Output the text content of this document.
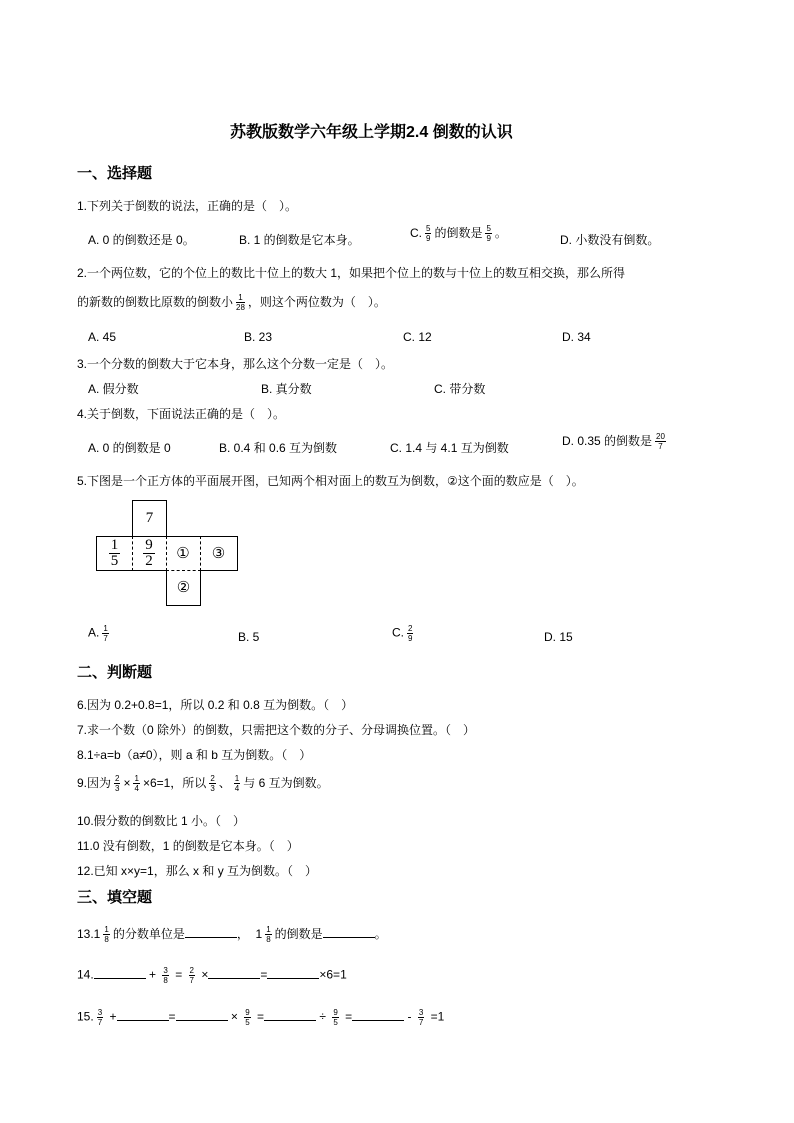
苏教版数学六年级上学期2.4 倒数的认识
一、选择题
1.下列关于倒数的说法，正确的是（　）。
A. 0 的倒数还是 0。	B. 1 的倒数是它本身。	C. $\frac{5}{9}$ 的倒数是 $\frac{5}{9}$ 。	D. 小数没有倒数。
2.一个两位数，它的个位上的数比十位上的数大 1，如果把个位上的数与十位上的数互相交换，那么所得
的新数的倒数比原数的倒数小 $\frac{1}{28}$ ，则这个两位数为（　）。
A. 45	B. 23	C. 12	D. 34
3.一个分数的倒数大于它本身，那么这个分数一定是（　）。
A. 假分数	B. 真分数	C. 带分数
4.关于倒数，下面说法正确的是（　）。
A. 0 的倒数是 0	B. 0.4 和 0.6 互为倒数	C. 1.4 与 4.1 互为倒数	D. 0.35 的倒数是 $\frac{20}{7}$
5.下图是一个正方体的平面展开图，已知两个相对面上的数互为倒数，②这个面的数应是（　）。
7
$\frac{1}{5} \frac{9}{2}$	①	③
②
A. $\frac{1}{7}$	B. 5	C. $\frac{2}{9}$	D. 15
二、判断题
6.因为 0.2+0.8=1，所以 0.2 和 0.8 互为倒数。（　）
7.求一个数（0 除外）的倒数，只需把这个数的分子、分母调换位置。（　）
8.1÷a=b（a≠0），则 a 和 b 互为倒数。（　）
9.因为 $\frac{2}{3} \times \frac{1}{4} \times 6=1$，所以 $\frac{2}{3}$ 、 $\frac{1}{4}$ 与 6 互为倒数。
10.假分数的倒数比 1 小。（　）
11.0 没有倒数，1 的倒数是它本身。（　）
12.已知 x×y=1，那么 x 和 y 互为倒数。（　）
三、填空题
$13.1 \frac{1}{8}$ 的分数单位是	， $1 \frac{1}{8}$ 的倒数是	。
14.	+ $\frac{3}{8} = \frac{2}{7}$ ×	=	×6=1
15. $\frac{3}{7}$ +	=	× $\frac{9}{5}$ =	÷ $\frac{9}{5}$ =	- $\frac{3}{7} =1$
